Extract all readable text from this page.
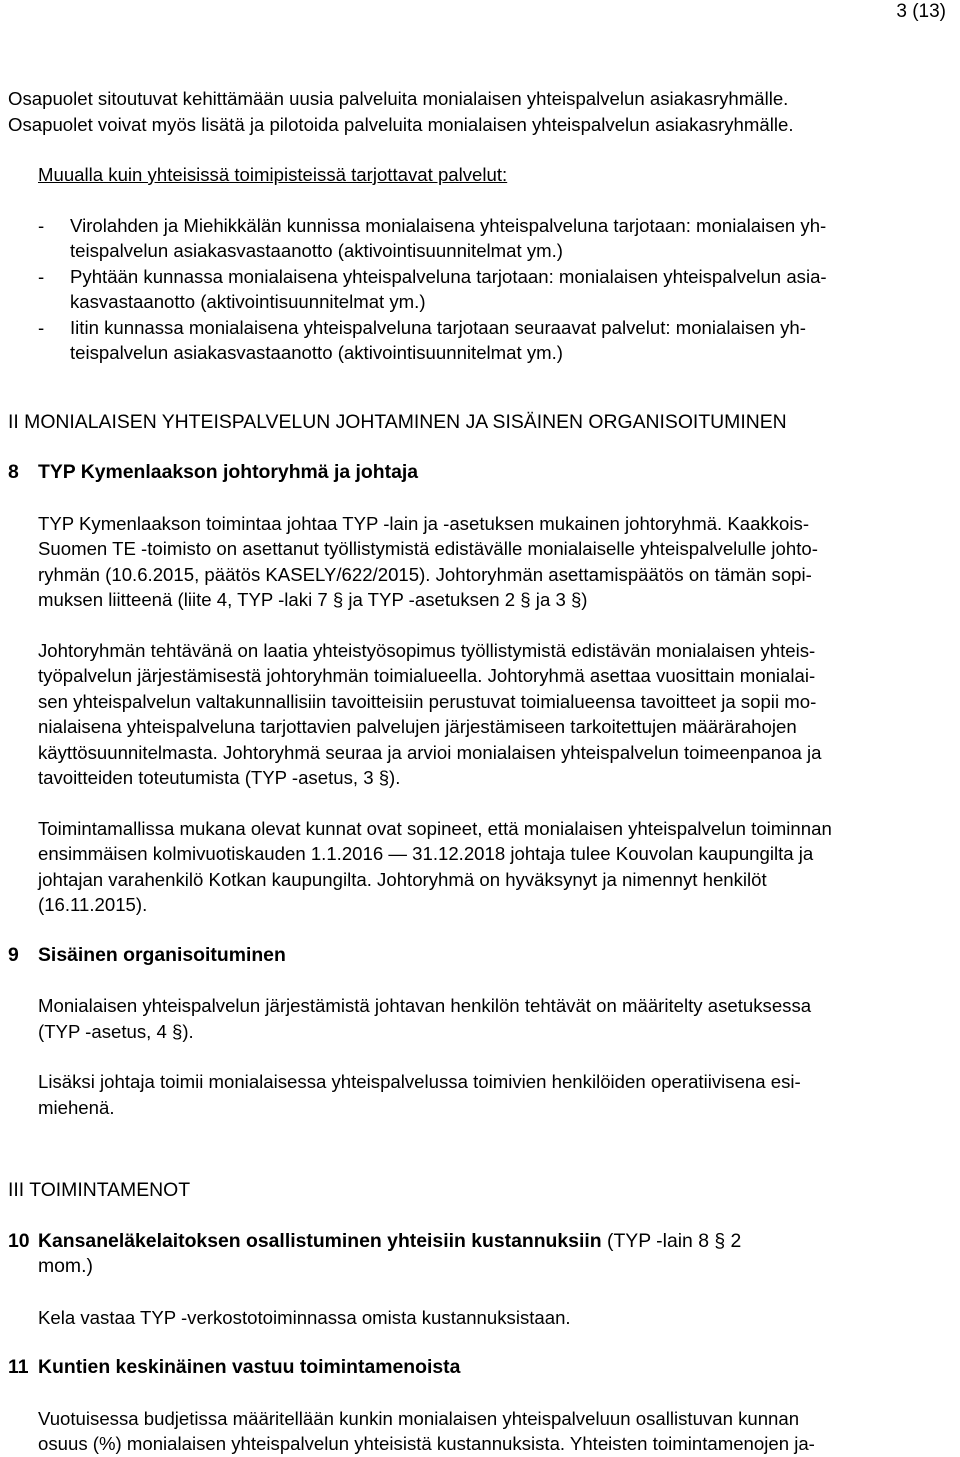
3 (13)

Osapuolet sitoutuvat kehittämään uusia palveluita monialaisen yhteispalvelun asiakasryhmälle.

Osapuolet voivat myös lisätä ja pilotoida palveluita monialaisen yhteispalvelun asiakasryhmälle.

Muualla kuin yhteisissä toimipisteissä tarjottavat palvelut:

- Virolahden ja Miehikkälän kunnissa monialaisena yhteispalveluna tarjotaan: monialaisen yh-

teispalvelun asiakasvastaanotto (aktivointisuunnitelmat ym.)

- Pyhtään kunnassa monialaisena yhteispalveluna tarjotaan: monialaisen yhteispalvelun asia-

kasvastaanotto (aktivointisuunnitelmat ym.)

- Iitin kunnassa monialaisena yhteispalveluna tarjotaan seuraavat palvelut: monialaisen yh-

teispalvelun asiakasvastaanotto (aktivointisuunnitelmat ym.)

II MONIALAISEN YHTEISPALVELUN JOHTAMINEN JA SISÄINEN ORGANISOITUMINEN

8 TYP Kymenlaakson johtoryhmä ja johtaja

TYP Kymenlaakson toimintaa johtaa TYP -lain ja -asetuksen mukainen johtoryhmä. Kaakkois-

Suomen TE -toimisto on asettanut työllistymistä edistävälle monialaiselle yhteispalvelulle johto-

ryhmän (10.6.2015, päätös KASELY/622/2015). Johtoryhmän asettamispäätös on tämän sopi-

muksen liitteenä (liite 4, TYP -laki 7 § ja TYP -asetuksen 2 § ja 3 §)

Johtoryhmän tehtävänä on laatia yhteistyösopimus työllistymistä edistävän monialaisen yhteis-

työpalvelun järjestämisestä johtoryhmän toimialueella. Johtoryhmä asettaa vuosittain monialai-

sen yhteispalvelun valtakunnallisiin tavoitteisiin perustuvat toimialueensa tavoitteet ja sopii mo-

nialaisena yhteispalveluna tarjottavien palvelujen järjestämiseen tarkoitettujen määrärahojen

käyttösuunnitelmasta. Johtoryhmä seuraa ja arvioi monialaisen yhteispalvelun toimeenpanoa ja

tavoitteiden toteutumista (TYP -asetus, 3 §).

Toimintamallissa mukana olevat kunnat ovat sopineet, että monialaisen yhteispalvelun toiminnan

ensimmäisen kolmivuotiskauden 1.1.2016 — 31.12.2018 johtaja tulee Kouvolan kaupungilta ja

johtajan varahenkilö Kotkan kaupungilta. Johtoryhmä on hyväksynyt ja nimennyt henkilöt

(16.11.2015).

9 Sisäinen organisoituminen

Monialaisen yhteispalvelun järjestämistä johtavan henkilön tehtävät on määritelty asetuksessa

(TYP -asetus, 4 §).

Lisäksi johtaja toimii monialaisessa yhteispalvelussa toimivien henkilöiden operatiivisena esi-

miehenä.

III TOIMINTAMENOT

10 Kansaneläkelaitoksen osallistuminen yhteisiin kustannuksiin (TYP -lain 8 § 2
mom.)

Kela vastaa TYP -verkostotoiminnassa omista kustannuksistaan.

11 Kuntien keskinäinen vastuu toimintamenoista

Vuotuisessa budjetissa määritellään kunkin monialaisen yhteispalveluun osallistuvan kunnan

osuus (%) monialaisen yhteispalvelun yhteisistä kustannuksista. Yhteisten toimintamenojen ja-
